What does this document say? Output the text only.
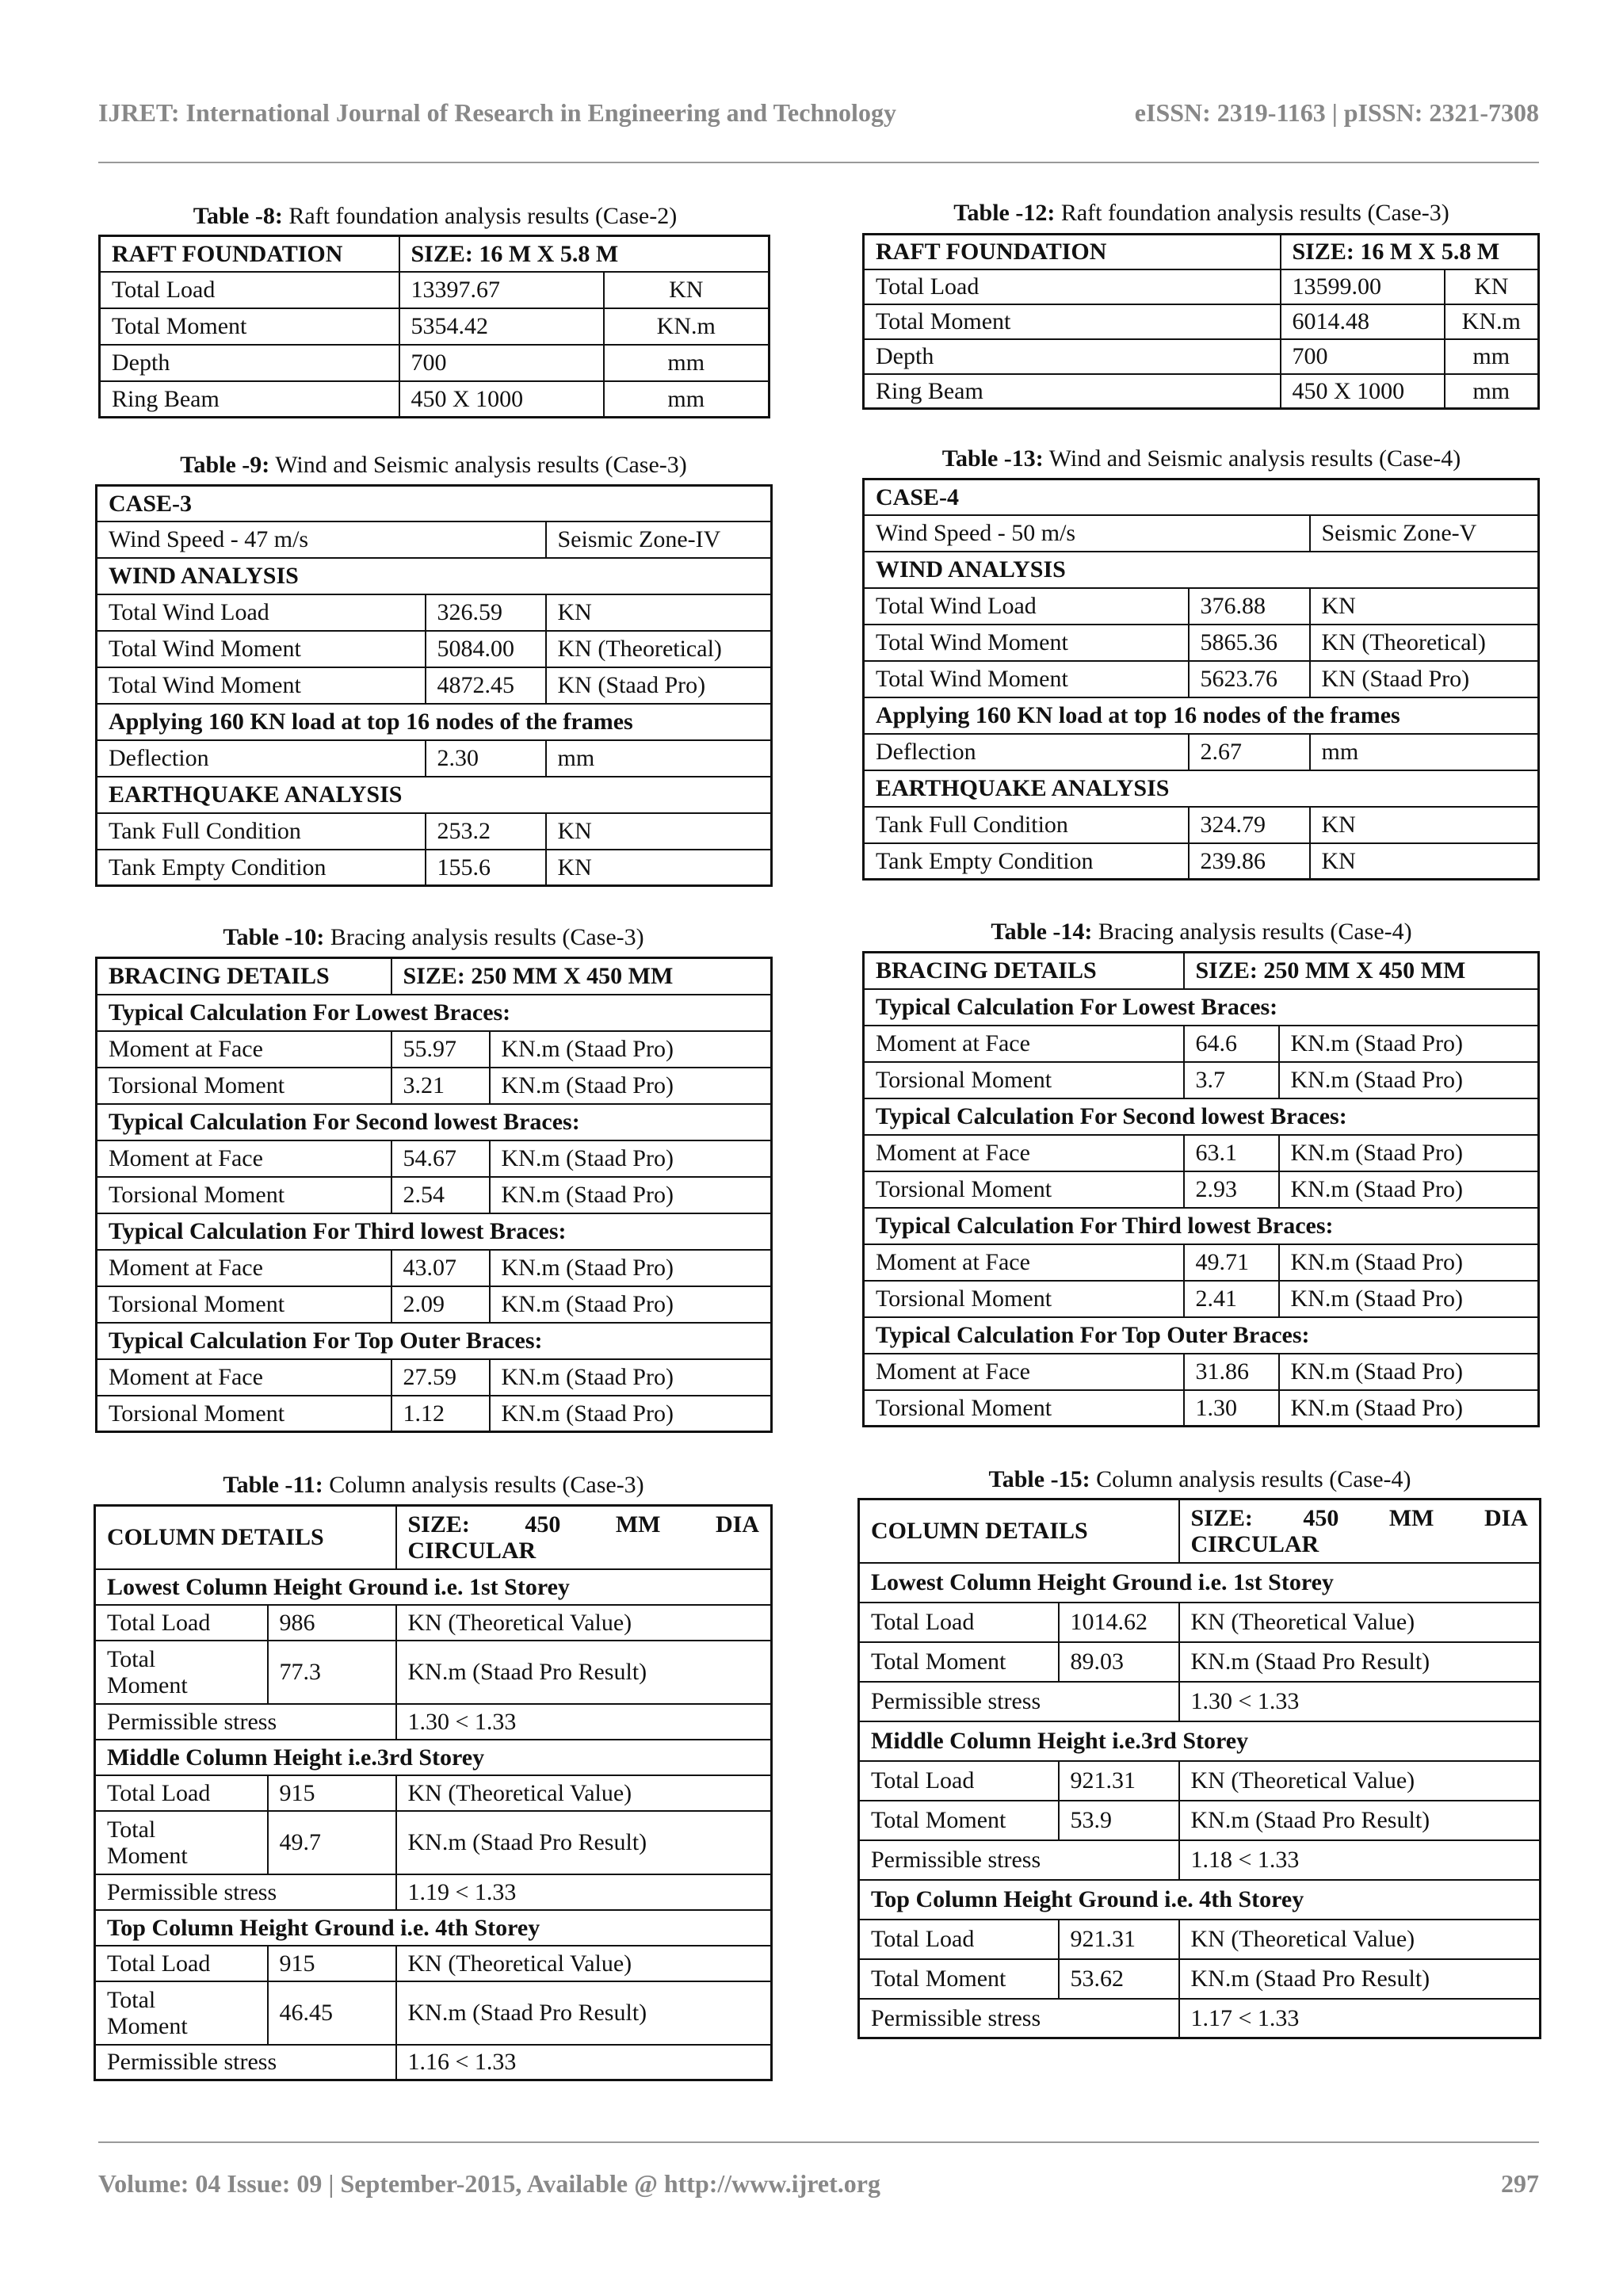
IJRET: International Journal of Research in Engineering and Technology	eISSN: 2319-1163 | pISSN: 2321-7308
Table -8: Raft foundation analysis results (Case-2)
RAFT FOUNDATION	SIZE: 16 M X 5.8 M	
Total Load	13397.67	KN
Total Moment	5354.42	KN.m
Depth	700	mm
Ring Beam	450 X 1000	mm
Table -12: Raft foundation analysis results (Case-3)
RAFT FOUNDATION	SIZE: 16 M X 5.8 M	
Total Load	13599.00	KN
Total Moment	6014.48	KN.m
Depth	700	mm
Ring Beam	450 X 1000	mm
Table -9: Wind and Seismic analysis results (Case-3)
CASE-3		
Wind Speed - 47 m/s		Seismic Zone-IV
WIND ANALYSIS		
Total Wind Load	326.59	KN
Total Wind Moment	5084.00	KN (Theoretical)
Total Wind Moment	4872.45	KN (Staad Pro)
Applying 160 KN load at top 16 nodes of the frames		
Deflection	2.30	mm
EARTHQUAKE ANALYSIS		
Tank Full Condition	253.2	KN
Tank Empty Condition	155.6	KN
Table -13: Wind and Seismic analysis results (Case-4)
CASE-4		
Wind Speed - 50 m/s		Seismic Zone-V
WIND ANALYSIS		
Total Wind Load	376.88	KN
Total Wind Moment	5865.36	KN (Theoretical)
Total Wind Moment	5623.76	KN (Staad Pro)
Applying 160 KN load at top 16 nodes of the frames		
Deflection	2.67	mm
EARTHQUAKE ANALYSIS		
Tank Full Condition	324.79	KN
Tank Empty Condition	239.86	KN
Table -10: Bracing analysis results (Case-3)
BRACING DETAILS	SIZE: 250 MM X 450 MM	
Typical Calculation For Lowest Braces:		
Moment at Face	55.97	KN.m (Staad Pro)
Torsional Moment	3.21	KN.m (Staad Pro)
Typical Calculation For Second lowest Braces:		
Moment at Face	54.67	KN.m (Staad Pro)
Torsional Moment	2.54	KN.m (Staad Pro)
Typical Calculation For Third lowest Braces:		
Moment at Face	43.07	KN.m (Staad Pro)
Torsional Moment	2.09	KN.m (Staad Pro)
Typical Calculation For Top Outer Braces:		
Moment at Face	27.59	KN.m (Staad Pro)
Torsional Moment	1.12	KN.m (Staad Pro)
Table -14: Bracing analysis results (Case-4)
BRACING DETAILS	SIZE: 250 MM X 450 MM	
Typical Calculation For Lowest Braces:		
Moment at Face	64.6	KN.m (Staad Pro)
Torsional Moment	3.7	KN.m (Staad Pro)
Typical Calculation For Second lowest Braces:		
Moment at Face	63.1	KN.m (Staad Pro)
Torsional Moment	2.93	KN.m (Staad Pro)
Typical Calculation For Third lowest Braces:		
Moment at Face	49.71	KN.m (Staad Pro)
Torsional Moment	2.41	KN.m (Staad Pro)
Typical Calculation For Top Outer Braces:		
Moment at Face	31.86	KN.m (Staad Pro)
Torsional Moment	1.30	KN.m (Staad Pro)
Table -11: Column analysis results (Case-3)
COLUMN DETAILS		SIZE: 450 MM DIA
CIRCULAR

Lowest Column Height Ground i.e. 1st Storey		
Total Load	986	KN (Theoretical Value)

Total
Moment	77.3	KN.m (Staad Pro Result)
Permissible stress		1.30 < 1.33
Middle Column Height i.e.3rd Storey		
Total Load	915	KN (Theoretical Value)

Total
Moment	49.7	KN.m (Staad Pro Result)
Permissible stress		1.19 < 1.33
Top Column Height Ground i.e. 4th Storey		
Total Load	915	KN (Theoretical Value)

Total
Moment	46.45	KN.m (Staad Pro Result)
Permissible stress		1.16 < 1.33
Table -15: Column analysis results (Case-4)
COLUMN DETAILS		SIZE: 450 MM DIA
CIRCULAR

Lowest Column Height Ground i.e. 1st Storey		
Total Load	1014.62	KN (Theoretical Value)
Total Moment	89.03	KN.m (Staad Pro Result)
Permissible stress		1.30 < 1.33
Middle Column Height i.e.3rd Storey		
Total Load	921.31	KN (Theoretical Value)
Total Moment	53.9	KN.m (Staad Pro Result)
Permissible stress		1.18 < 1.33
Top Column Height Ground i.e. 4th Storey		
Total Load	921.31	KN (Theoretical Value)
Total Moment	53.62	KN.m (Staad Pro Result)
Permissible stress		1.17 < 1.33
Volume: 04 Issue: 09 | September-2015, Available @ http://www.ijret.org	297
